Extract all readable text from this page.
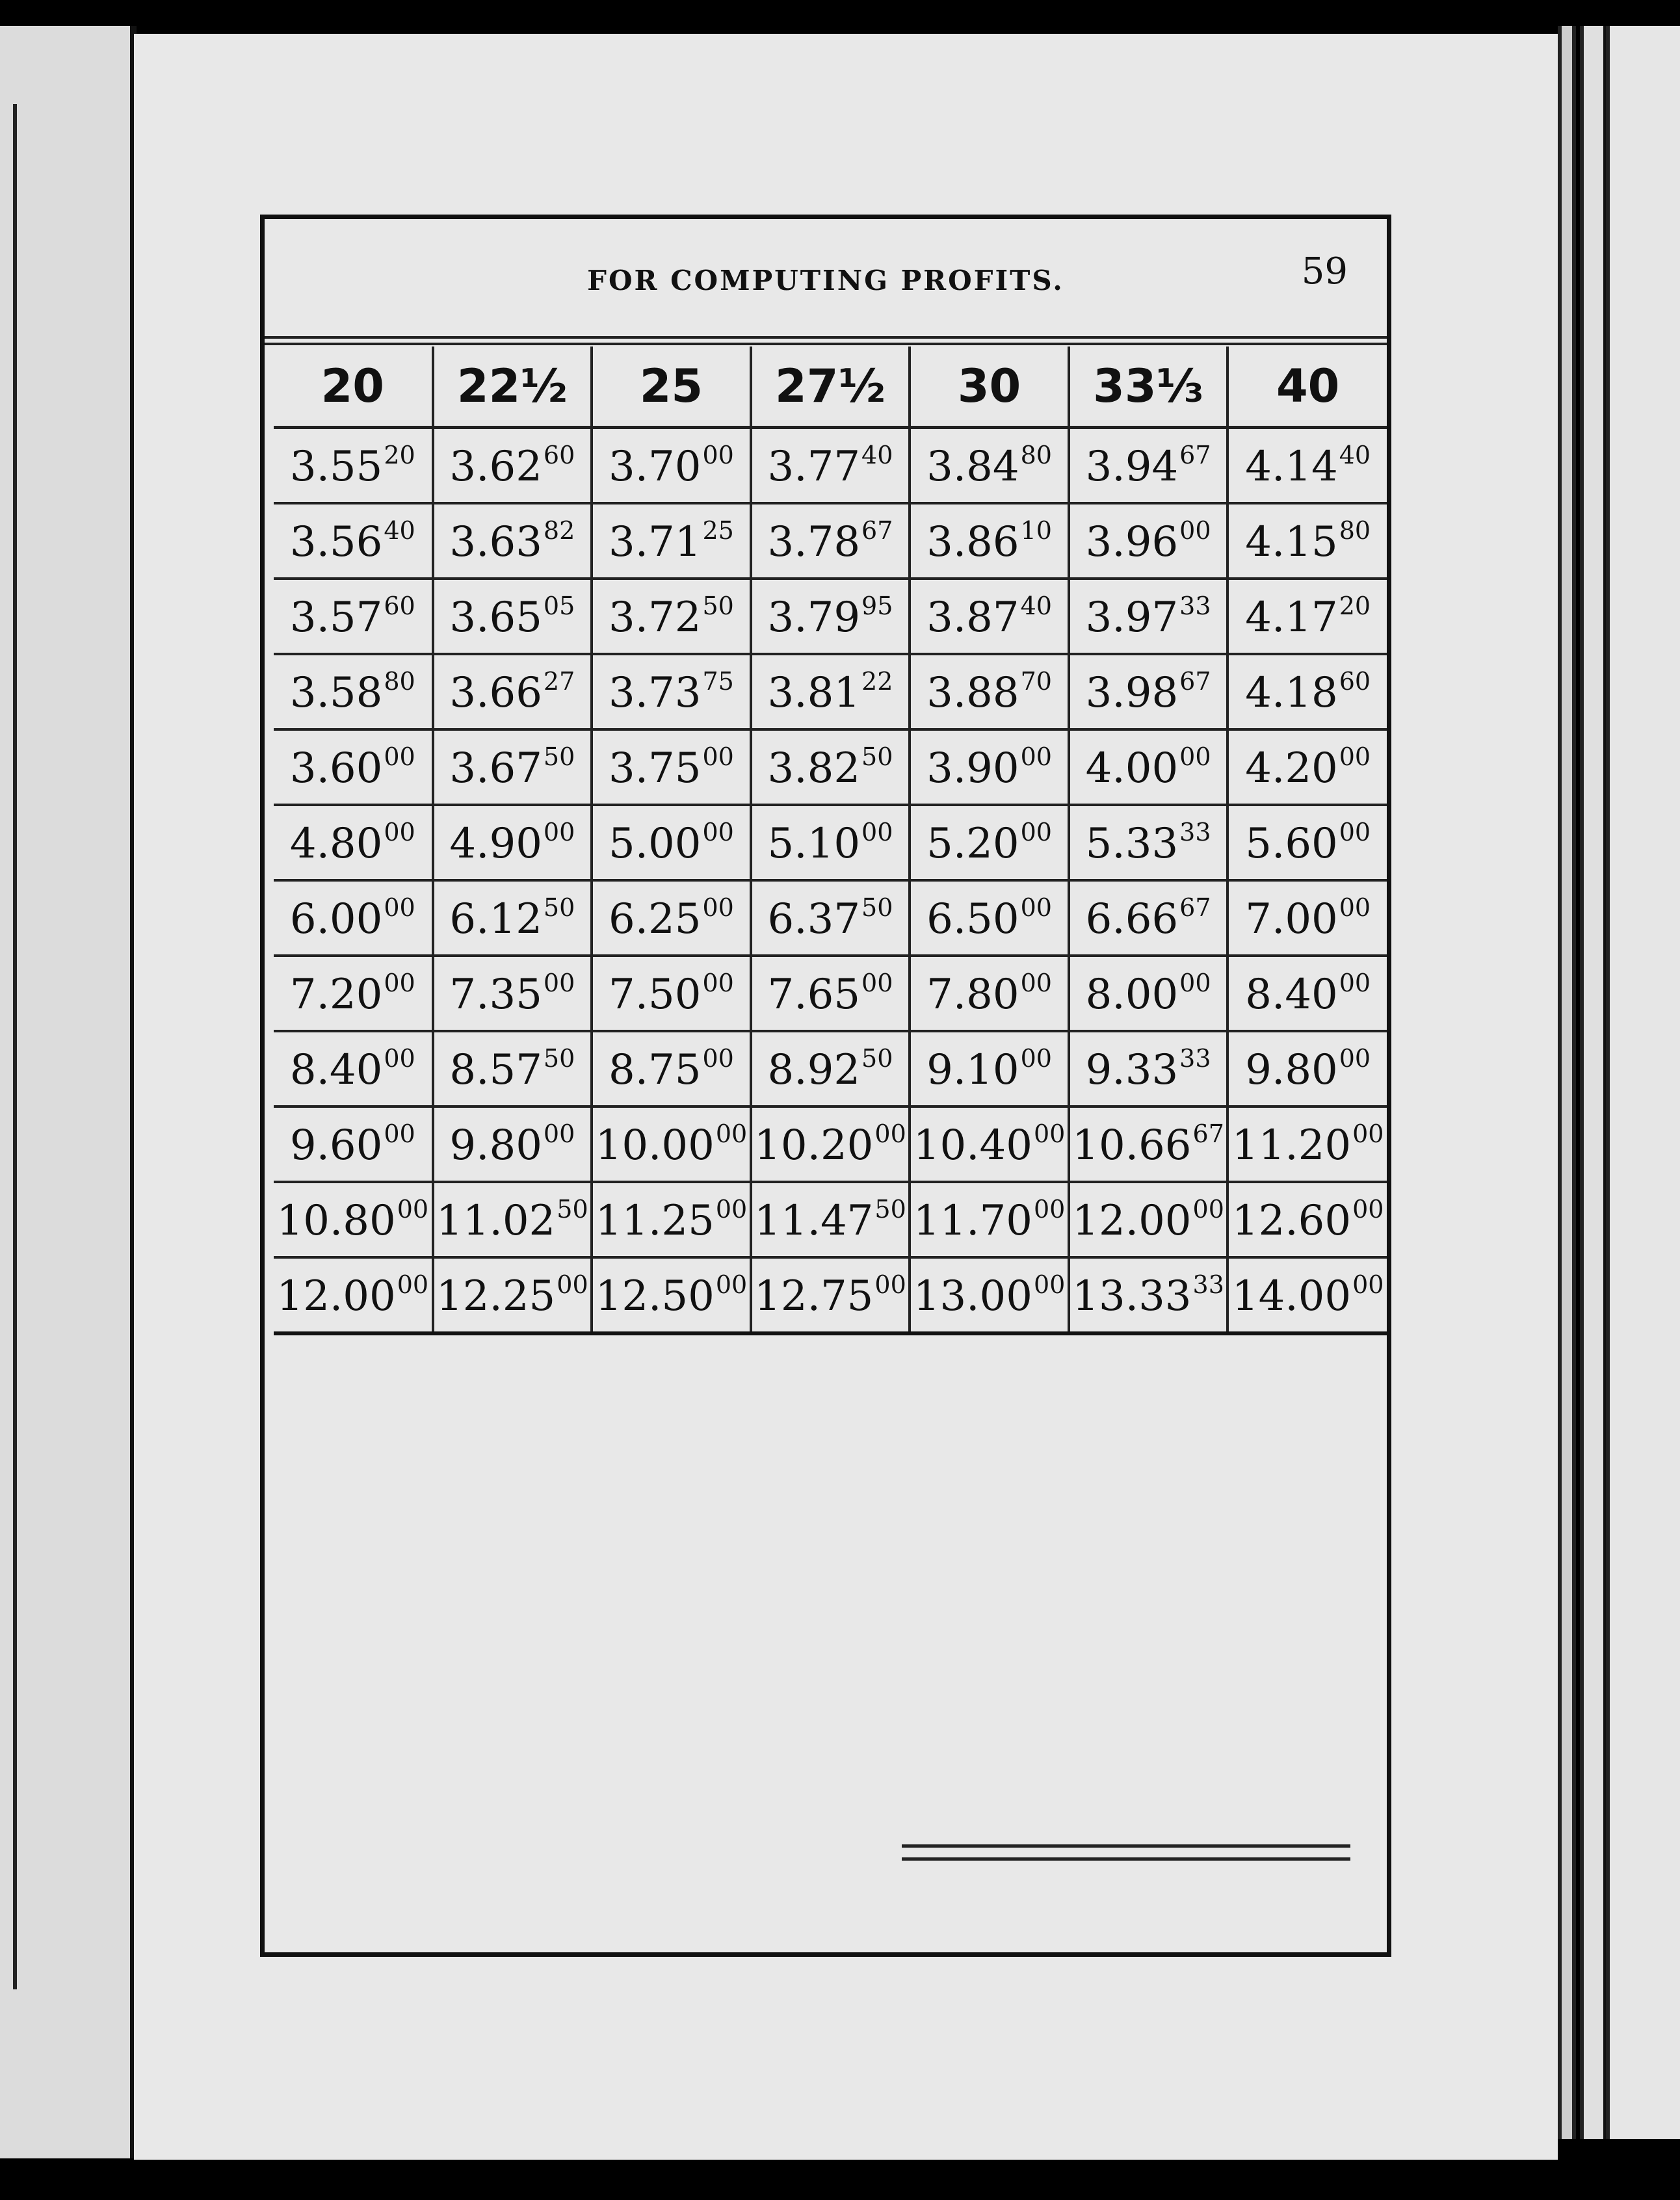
FOR COMPUTING PROFITS.	59
20	22½	25	27½	30	33⅓	40
3.55$^{20}$	3.62$^{60}$	3.70$^{00}$	3.77$^{40}$	3.84$^{80}$	3.94$^{67}$	4.14$^{40}$
3.56$^{40}$	3.63$^{82}$	3.71$^{25}$	3.78$^{67}$	3.86$^{10}$	3.96$^{00}$	4.15$^{80}$
3.57$^{60}$	3.65$^{05}$	3.72$^{50}$	3.79$^{95}$	3.87$^{40}$	3.97$^{33}$	4.17$^{20}$
3.58$^{80}$	3.66$^{27}$	3.73$^{75}$	3.81$^{22}$	3.88$^{70}$	3.98$^{67}$	4.18$^{60}$
3.60$^{00}$	3.67$^{50}$	3.75$^{00}$	3.82$^{50}$	3.90$^{00}$	4.00$^{00}$	4.20$^{00}$
4.80$^{00}$	4.90$^{00}$	5.00$^{00}$	5.10$^{00}$	5.20$^{00}$	5.33$^{33}$	5.60$^{00}$
6.00$^{00}$	6.12$^{50}$	6.25$^{00}$	6.37$^{50}$	6.50$^{00}$	6.66$^{67}$	7.00$^{00}$
7.20$^{00}$	7.35$^{00}$	7.50$^{00}$	7.65$^{00}$	7.80$^{00}$	8.00$^{00}$	8.40$^{00}$
8.40$^{00}$	8.57$^{50}$	8.75$^{00}$	8.92$^{50}$	9.10$^{00}$	9.33$^{33}$	9.80$^{00}$
9.60$^{00}$	9.80$^{00}$	10.00$^{00}$	10.20$^{00}$	10.40$^{00}$	10.66$^{67}$	11.20$^{00}$
10.80$^{00}$	11.02$^{50}$	11.25$^{00}$	11.47$^{50}$	11.70$^{00}$	12.00$^{00}$	12.60$^{00}$
12.00$^{00}$	12.25$^{00}$	12.50$^{00}$	12.75$^{00}$	13.00$^{00}$	13.33$^{33}$	14.00$^{00}$
